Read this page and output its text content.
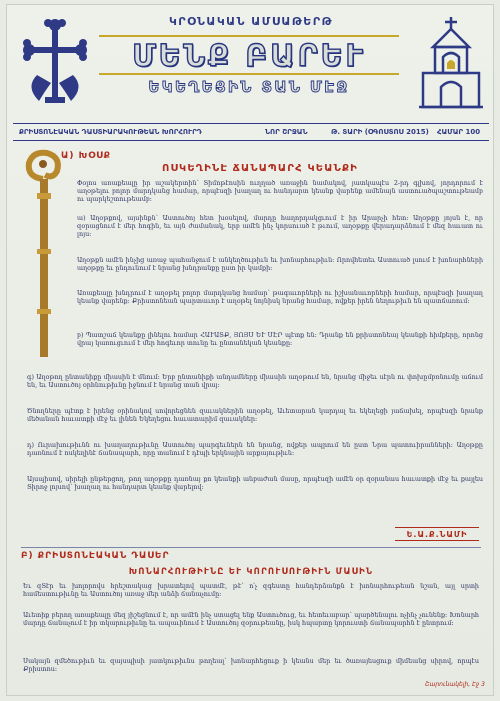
ԿՐՕՆԱԿԱՆ ԱՄՍԱԹԵՐԹ
ՄԵՆՔ ԲԱՐԵՒ
ԵԿԵՂԵՑԻՆ ՏԱՆ ՄԷՋ
ՔՐԻՍՏՈՆԷԱԿԱՆ ԴԱՍՏԻԱՐԱԿՈՒԹԵԱՆ ԽՈՐՀՈՒՐԴ	ՆՈՐ ՇՐՋԱՆ	Թ. ՏԱՐԻ (ՕԳՈՍՏՈՍ 2015) ՀԱՄԱՐ 100
Ա) ԽՕՍՔ
ՈՍԿԵՂԻՆԷ ՃԱՆԱՊԱՐՀ ԿԵԱՆՔԻ

Փօլոս առաքեալը իր աշակերտին՝ Տիմոթէոսին ուղղած առաջին նամակով, յատկապէս 2-րդ գլխով, յորդորում է աղօթելու բոլոր մարդկանց համար, որպէսզի խաղաղ ու հանդարտ կեանք վարենք ամենայն աստուածպաշտութեամբ ու պարկեշտութեամբ:

ա) Աղօթքով, այսինքն՝ Աստուծոյ հետ խօսելով, մարդը հաղորդակցւում է իր Արարչի հետ: Աղօթքը յոյսն է, որ զօրացնում է մեր հոգին, եւ այն ժամանակ, երբ ամէն ինչ կորսուած է թւում, աղօթքը վերադարձնում է մեզ հաւատ ու լոյս:

Աղօթքն ամէն ինչից առաջ պահանջում է անկեղծութիւն եւ խոնարհութիւն: Որովհետեւ Աստուած լսում է խոնարհների աղօթքը եւ ընդունում է նրանց խնդրանքը ըստ իր կամքի:

Առաքեալը խնդրում է աղօթել բոլոր մարդկանց համար՝ թագաւորների ու իշխանաւորների համար, որպէսզի խաղաղ կեանք վարենք: Քրիստոնեան պարտաւոր է աղօթել նոյնիսկ նրանց համար, ովքեր իրեն նեղութիւն են պատճառում:

բ) Պատշաճ կեանքը լինելու համար ՀԱՒԱՏՔ, ՅՈՅՍ ԵՒ ՍԷՐ պէտք են: Դրանք են քրիստոնեայ կեանքի հիմքերը, որոնց վրայ կառուցւում է մեր հոգեւոր տունը եւ ընտանեկան կեանքը:

գ) Աղօթող ընտանիքը միասին է մնում: Երբ ընտանիքի անդամները միասին աղօթում են, նրանց միջեւ սէրն ու փոխըմբռնումը աճում են, եւ Աստուծոյ օրհնութիւնը իջնում է նրանց տան վրայ:

Ծնողները պէտք է իրենց օրինակով սովորեցնեն զաւակներին աղօթել, Աւետարան կարդալ եւ եկեղեցի յաճախել, որպէսզի նրանք մեծանան հաւատքի մէջ եւ լինեն Եկեղեցու հաւատարիմ զաւակներ:

դ) Ուրախութիւնն ու խաղաղութիւնը Աստուծոյ պարգեւներն են նրանց, ովքեր ապրում են ըստ Նրա պատուիրանների: Աղօթքը դառնում է ոսկեղինէ ճանապարհ, որը տանում է դէպի երկնային արքայութիւն:

Այսպիսով, սիրելի ընթերցող, թող աղօթքը դառնայ քո կեանքի անբաժան մասը, որպէսզի ամէն օր զօրանաս հաւատքի մէջ եւ քայլես Տիրոջ լոյսով՝ խաղաղ ու հանդարտ կեանք վարելով:

Ե.Ա.Ք.ՆԱՄԻ
Բ) ՔՐԻՍՏՈՆԷԱԿԱՆ ԴԱՍԵՐ
ԽՈՆԱՐՀՈՒԹԻՒՆԸ ԵՒ ԿՈՐՈՒՍՈՒԹԻՒՆ ՄԱՍԻՆ

Եւ զՏէր եւ խոլորովս հրեշտակաց խրատելով պատմէ, թէ՝ ո՛չ զգեստը հանդերձանքն է խոնարհութեան նշան, այլ սրտի համեստութիւնը եւ Աստուծոյ առաջ մեր անձի ճանաչումը:

Աւետիք բերող առաքեալը մեզ յիշեցնում է, որ ամէն ինչ ստացել ենք Աստուծուց, եւ հետեւաբար՝ պարծենալու ոչինչ չունենք: Խոնարհ մարդը ճանաչում է իր տկարութիւնը եւ ապաւինում է Աստուծոյ զօրութեանը, իսկ հպարտը կորուստի ճանապարհն է ընտրում:

Սակայն զմեծութիւն եւ զայսպիսի յատկութիւնս թողեալ՝ խոնարհեցուք ի կեանս մեր եւ ծառայեսցուք միմեանց սիրով, որպէս Քրիստոս:

Շարունակելի, Էջ 3
